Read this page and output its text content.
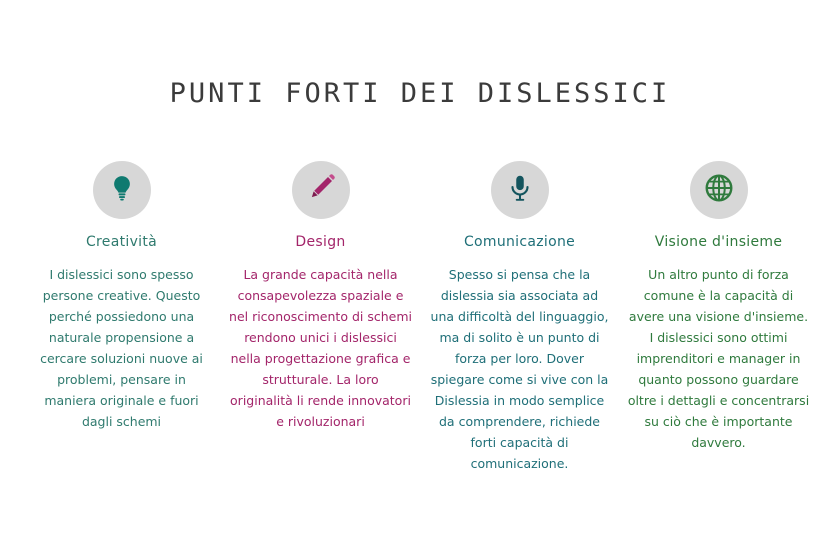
PUNTI FORTI DEI DISLESSICI
Creatività
I dislessici sono spesso persone creative. Questo perché possiedono una naturale propensione a cercare soluzioni nuove ai problemi, pensare in maniera originale e fuori dagli schemi
Design
La grande capacità nella consapevolezza spaziale e nel riconoscimento di schemi rendono unici i dislessici nella progettazione grafica e strutturale. La loro originalità li rende innovatori e rivoluzionari
Comunicazione
Spesso si pensa che la dislessia sia associata ad una difficoltà del linguaggio, ma di solito è un punto di forza per loro. Dover spiegare come si vive con la Dislessia in modo semplice da comprendere, richiede forti capacità di comunicazione.
Visione d'insieme
Un altro punto di forza comune è la capacità di avere una visione d'insieme. I dislessici sono ottimi imprenditori e manager in quanto possono guardare oltre i dettagli e concentrarsi su ciò che è importante davvero.
